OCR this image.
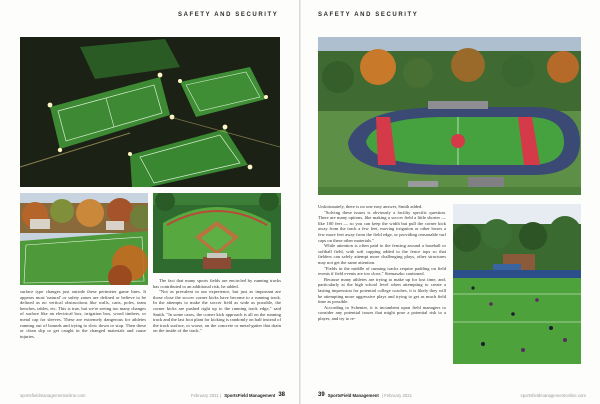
SAFETY AND SECURITY

surface type changes just outside these perimeter game lines. It appears most 'natural' or safety zones are defined or believe to be defined as no vertical obstructions like walls, carts, poles, team benches, tables, etc. This is true, but we're seeing too many changes of surface like an electrical box, irrigation box, wood timbers, or metal cap for sleeves. These are extremely dangerous for athletes running out of bounds and trying to slow down or stop. Then these or clean slip or get caught in the changed materials and cause injuries.

The fact that many sports fields are encircled by running tracks has contributed to an additional risk, he added.

"Not as prevalent in our experience, but just as important are those close the soccer corner kicks have become to a running track. In the attempts to make the soccer field as wide as possible, the corner kicks are pushed right up to the running track edge," said Smith. "In some cases, the corner kick approach is all on the running track and the last foot plant for kicking is randomly on half instead of the track surface, or worse, on the concrete or metal-gutter that drain on the inside of the track."

sportsfieldmanagementonline.com	February 2021 | SportsField Management 38
SAFETY AND SECURITY

Unfortunately, there is no one easy answer, Smith added.

"Solving these issues is obviously a facility specific question. There are many options, like making a soccer field a little shorter — like 100 feet — so you can keep the width but pull the corner kick away from the track a few feet, moving irrigation or other boxes a few more feet away from the field edge, or providing reasonable turf caps on these other materials."

While attention is often paid to the fencing around a baseball or softball field, with soft capping added to the fence tops so that fielders can safely attempt more challenging plays, other structures may not get the same attention.

"Fields in the middle of running tracks require padding on field events if field events are too close," Siemaszko cautioned.

Because many athletes are trying to make up for lost time, and, particularly at the high school level when attempting to create a lasting impression for potential college coaches, it is likely they will be attempting more aggressive plays and trying to get as much field time as possible.

According to Schenter, it is incumbent upon field managers to consider any potential issues that might pose a potential risk to a player, and try to re-

39 SportsField Management | February 2021	sportsfieldmanagementonline.com
